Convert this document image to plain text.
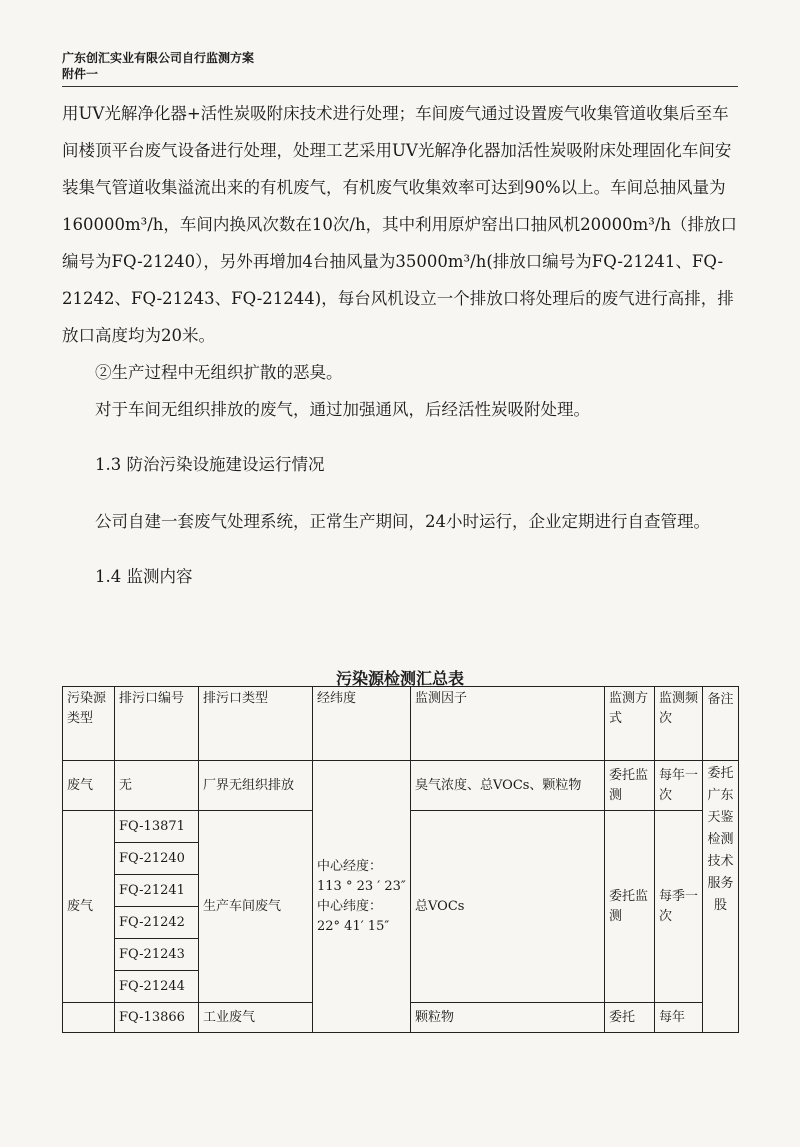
广东创汇实业有限公司自行监测方案
附件一

用UV光解净化器+活性炭吸附床技术进行处理；车间废气通过设置废气收集管道收集后至车间楼顶平台废气设备进行处理，处理工艺采用UV光解净化器加活性炭吸附床处理固化车间安装集气管道收集溢流出来的有机废气，有机废气收集效率可达到90%以上。车间总抽风量为160000m³/h，车间内换风次数在10次/h，其中利用原炉窑出口抽风机20000m³/h（排放口编号为FQ-21240），另外再增加4台抽风量为35000m³/h(排放口编号为FQ-21241、FQ-21242、FQ-21243、FQ-21244)，每台风机设立一个排放口将处理后的废气进行高排，排放口高度均为20米。

②生产过程中无组织扩散的恶臭。

对于车间无组织排放的废气，通过加强通风，后经活性炭吸附处理。

1.3 防治污染设施建设运行情况

公司自建一套废气处理系统，正常生产期间，24小时运行，企业定期进行自查管理。

1.4 监测内容

污染源检测汇总表
污染源类型	排污口编号	排污口类型	经纬度	监测因子	监测方式	监测频次	备注
废气	无	厂界无组织排放	中心经度：
113 ° 23 ′ 23″
中心纬度：
22° 41′ 15″	臭气浓度、总VOCs、颗粒物	委托监测	每年一次	委托广东天鉴检测技术服务股
废气	FQ-13871	生产车间废气		总VOCs	委托监测	每季一次	
	FQ-21240						
	FQ-21241						
	FQ-21242						
	FQ-21243						
	FQ-21244						
	FQ-13866	工业废气		颗粒物	委托	每年	
